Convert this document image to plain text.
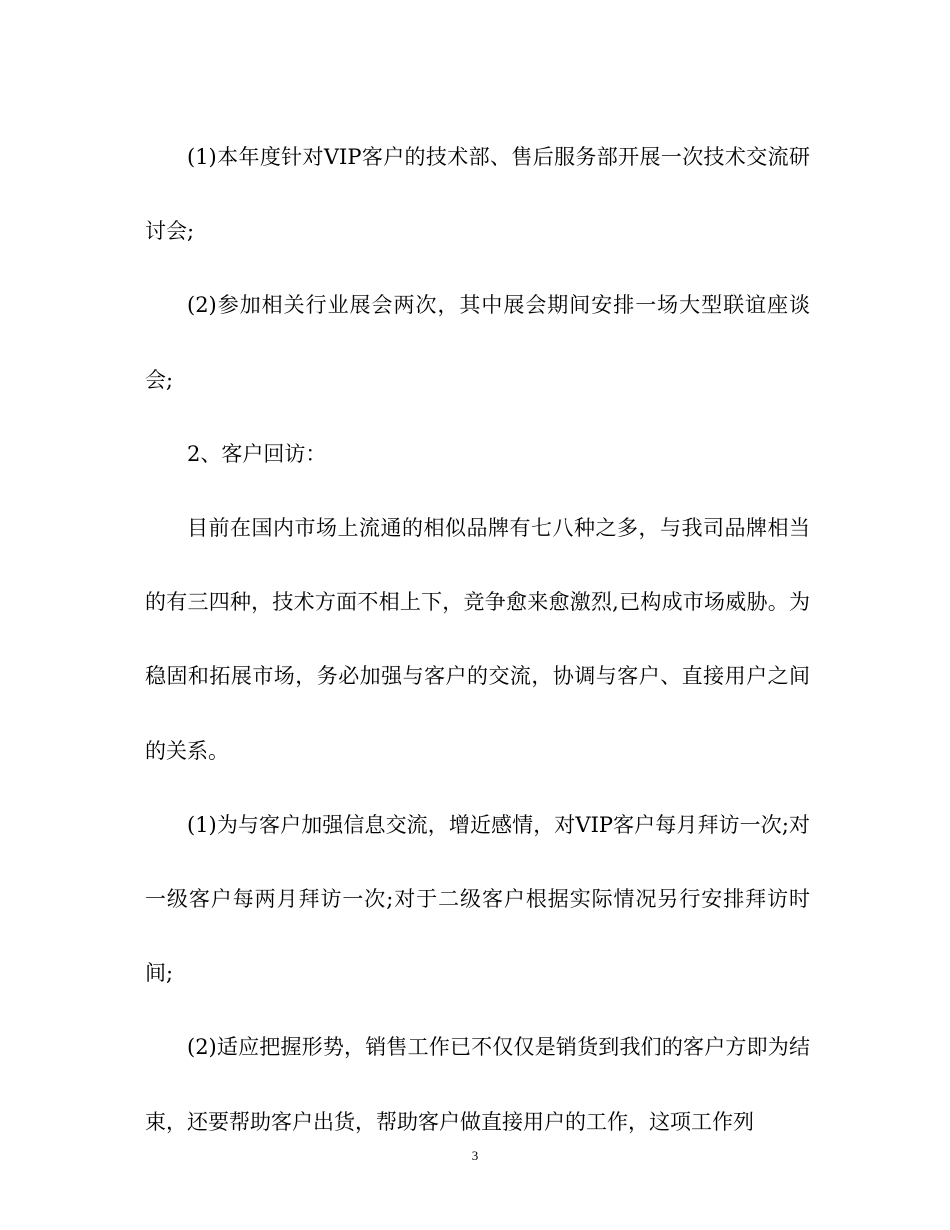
(1)本年度针对VIP客户的技术部、售后服务部开展一次技术交流研讨会;

(2)参加相关行业展会两次，其中展会期间安排一场大型联谊座谈会;

2、客户回访：

目前在国内市场上流通的相似品牌有七八种之多，与我司品牌相当的有三四种，技术方面不相上下，竞争愈来愈激烈,已构成市场威胁。为稳固和拓展市场，务必加强与客户的交流，协调与客户、直接用户之间的关系。

(1)为与客户加强信息交流，增近感情，对VIP客户每月拜访一次;对一级客户每两月拜访一次;对于二级客户根据实际情况另行安排拜访时间;

(2)适应把握形势，销售工作已不仅仅是销货到我们的客户方即为结束，还要帮助客户出货，帮助客户做直接用户的工作，这项工作列

3
